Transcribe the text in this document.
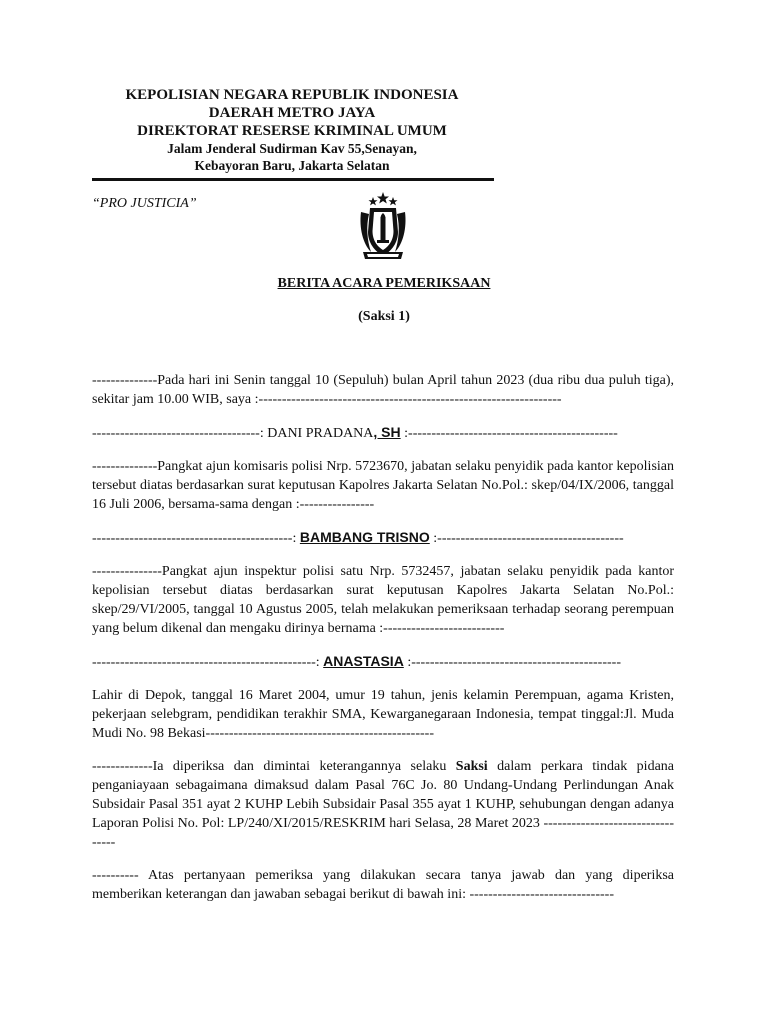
KEPOLISIAN NEGARA REPUBLIK INDONESIA
DAERAH METRO JAYA
DIREKTORAT RESERSE KRIMINAL UMUM
Jalam Jenderal Sudirman Kav 55,Senayan,
Kebayoran Baru, Jakarta Selatan
“PRO JUSTICIA”
BERITA ACARA PEMERIKSAAN
(Saksi 1)

--------------Pada hari ini Senin tanggal 10 (Sepuluh) bulan April tahun 2023 (dua ribu dua puluh tiga), sekitar jam 10.00 WIB, saya :-----------------------------------------------------------------

------------------------------------: DANI PRADANA, SH :---------------------------------------------

--------------Pangkat ajun komisaris polisi Nrp. 5723670, jabatan selaku penyidik pada kantor kepolisian tersebut diatas berdasarkan surat keputusan Kapolres Jakarta Selatan No.Pol.: skep/04/IX/2006, tanggal 16 Juli 2006, bersama-sama dengan :----------------

-------------------------------------------: BAMBANG TRISNO :----------------------------------------

---------------Pangkat ajun inspektur polisi satu Nrp. 5732457, jabatan selaku penyidik pada kantor kepolisian tersebut diatas berdasarkan surat keputusan Kapolres Jakarta Selatan No.Pol.: skep/29/VI/2005, tanggal 10 Agustus 2005, telah melakukan pemeriksaan terhadap seorang perempuan yang belum dikenal dan mengaku dirinya bernama :--------------------------

------------------------------------------------: ANASTASIA :---------------------------------------------

Lahir di Depok, tanggal 16 Maret 2004, umur 19 tahun, jenis kelamin Perempuan, agama Kristen, pekerjaan selebgram, pendidikan terakhir SMA, Kewarganegaraan Indonesia, tempat tinggal:Jl. Muda Mudi No. 98 Bekasi-------------------------------------------------

-------------Ia diperiksa dan dimintai keterangannya selaku Saksi dalam perkara tindak pidana penganiayaan sebagaimana dimaksud dalam Pasal 76C Jo. 80 Undang-Undang Perlindungan Anak Subsidair Pasal 351 ayat 2 KUHP Lebih Subsidair Pasal 355 ayat 1 KUHP, sehubungan dengan adanya Laporan Polisi No. Pol: LP/240/XI/2015/RESKRIM hari Selasa, 28 Maret 2023 ---------------------------------

---------- Atas pertanyaan pemeriksa yang dilakukan secara tanya jawab dan yang diperiksa memberikan keterangan dan jawaban sebagai berikut di bawah ini: -------------------------------
